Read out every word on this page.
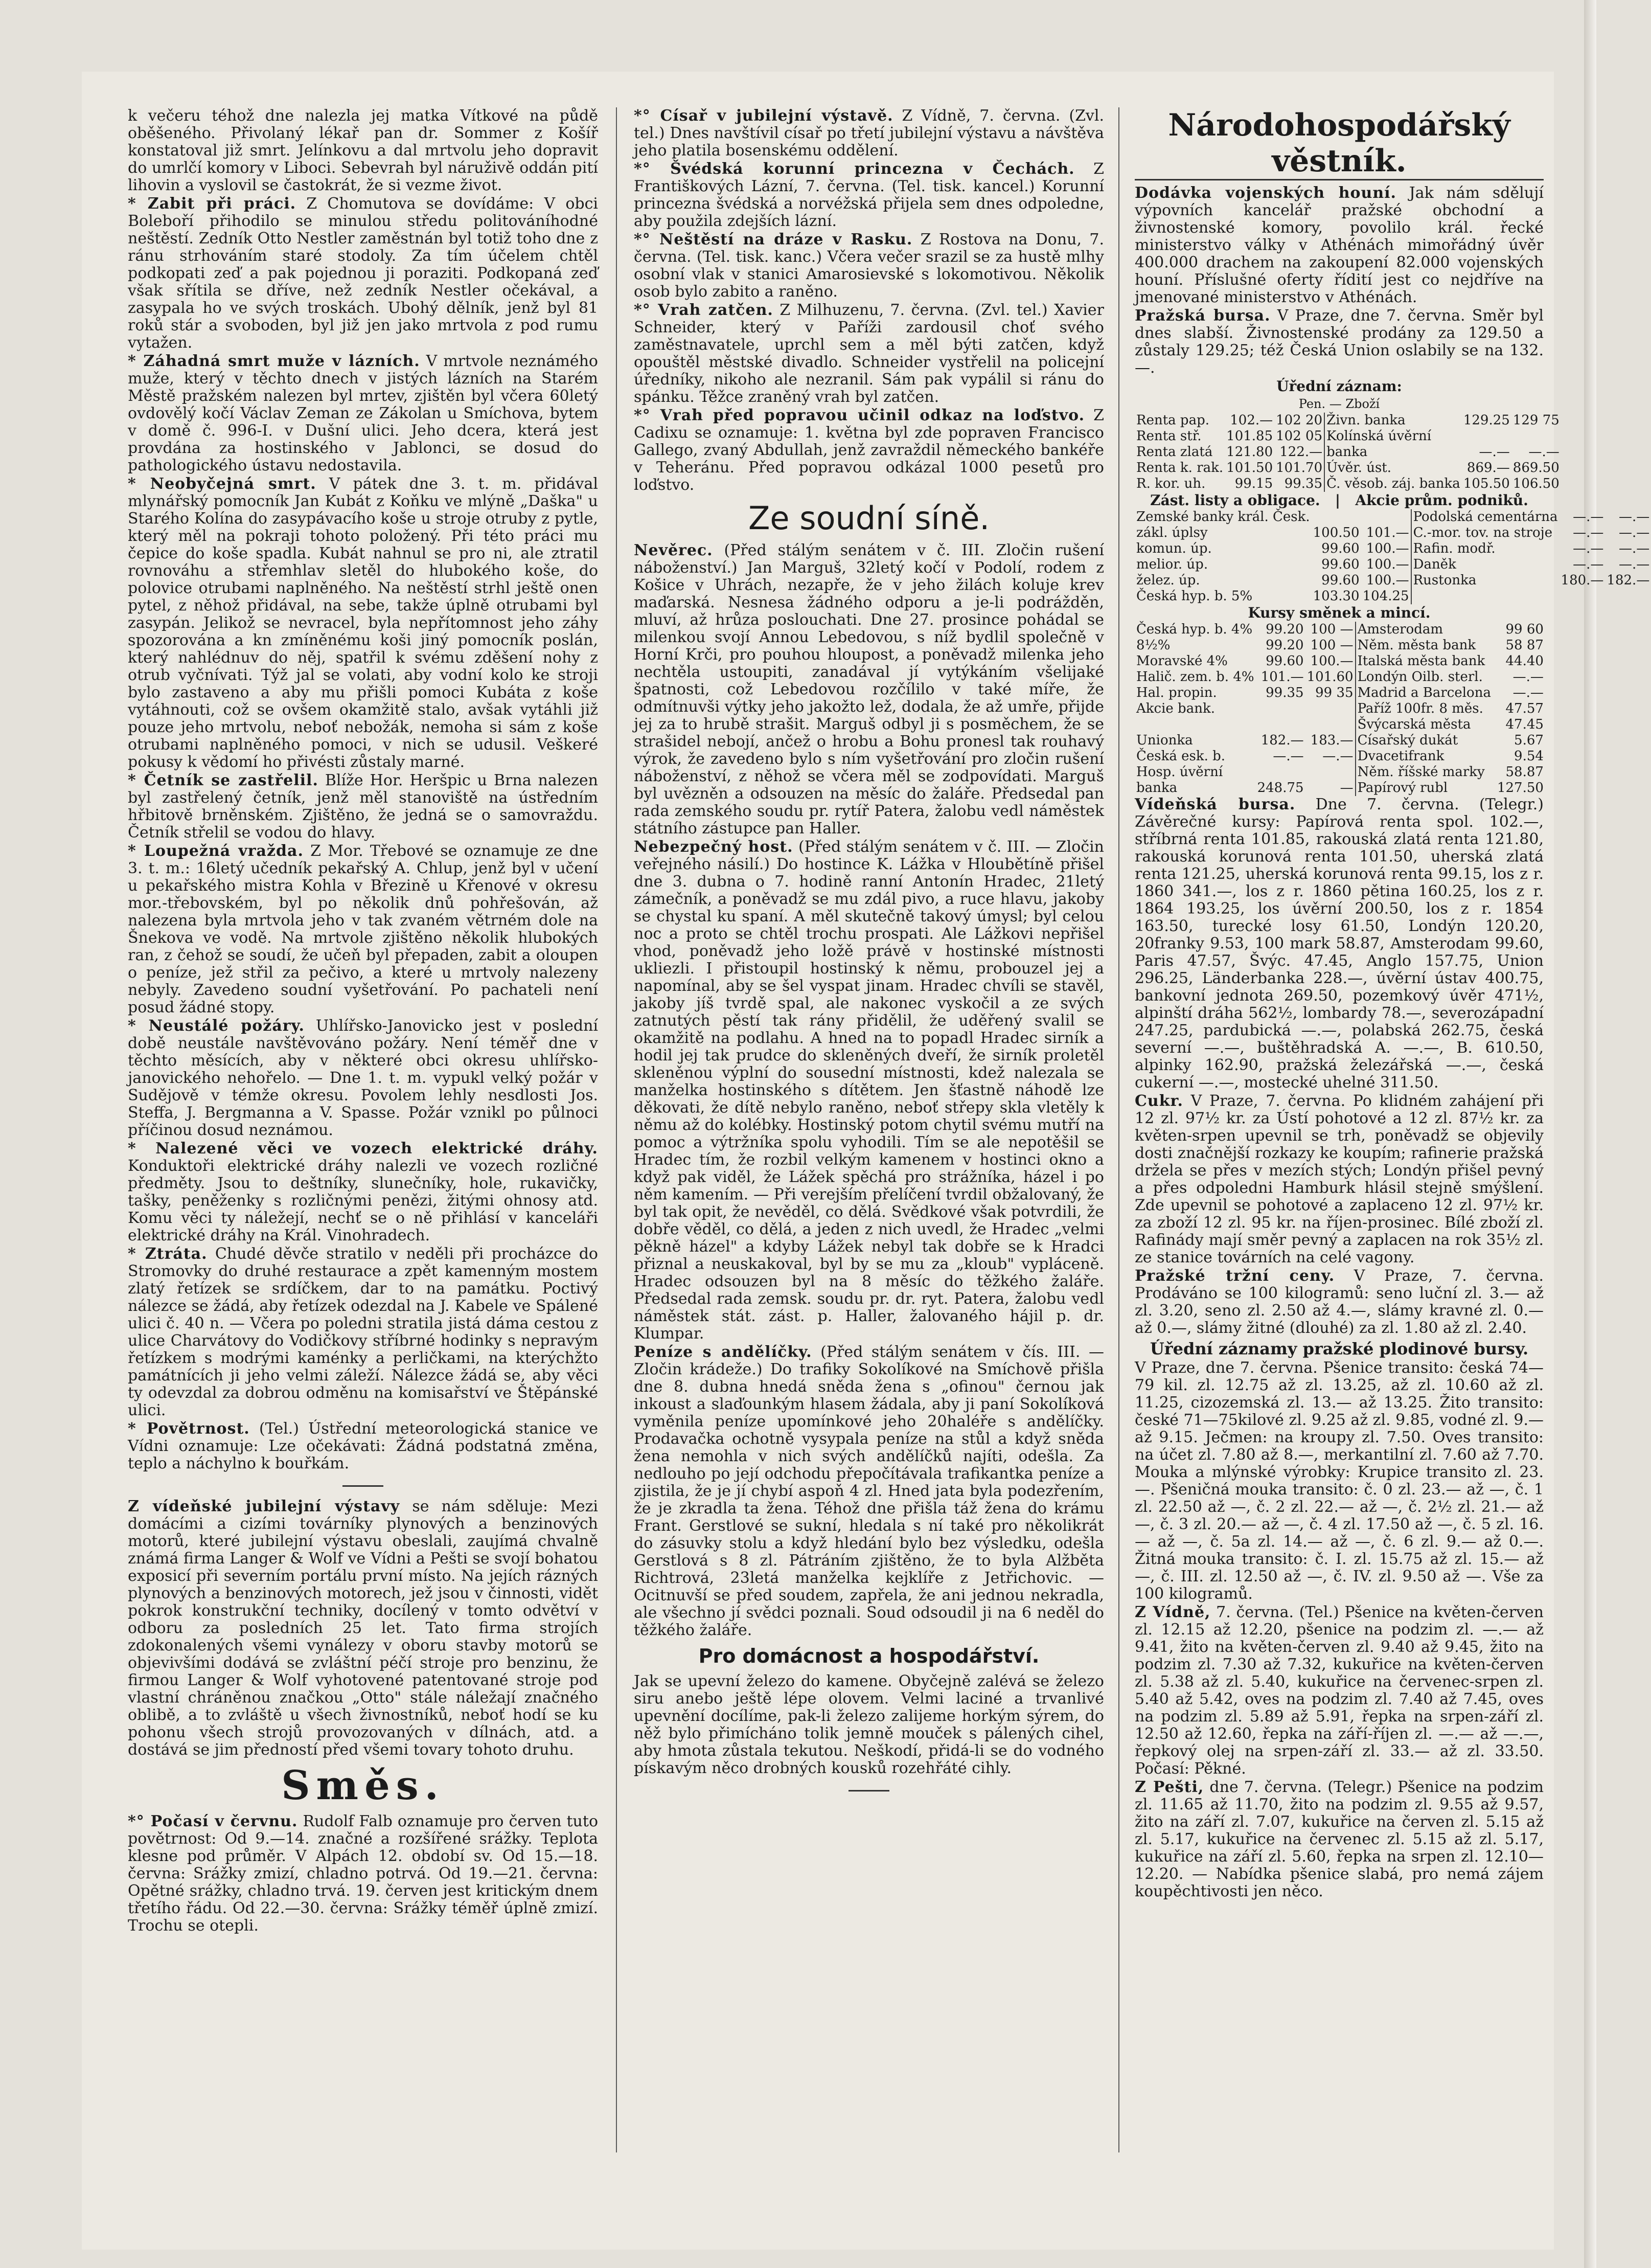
k večeru téhož dne nalezla jej matka Vítkové na půdě oběšeného. Přivolaný lékař pan dr. Sommer z Košíř konstatoval již smrt. Jelínkovu a dal mrtvolu jeho dopravit do umrlčí komory v Liboci. Sebevrah byl náruživě oddán pití lihovin a vyslovil se častokrát, že si vezme život.

* Zabit při práci. Z Chomutova se dovídáme: V obci Boleboří přihodilo se minulou středu politováníhodné neštěstí. Zedník Otto Nestler zaměstnán byl totiž toho dne z ránu strhováním staré stodoly. Za tím účelem chtěl podkopati zeď a pak pojednou ji poraziti. Podkopaná zeď však sřítila se dříve, než zedník Nestler očekával, a zasypala ho ve svých troskách. Ubohý dělník, jenž byl 81 roků stár a svoboden, byl již jen jako mrtvola z pod rumu vytažen.

* Záhadná smrt muže v lázních. V mrtvole neznámého muže, který v těchto dnech v jistých lázních na Starém Městě pražském nalezen byl mrtev, zjištěn byl včera 60letý ovdovělý kočí Václav Zeman ze Zákolan u Smíchova, bytem v domě č. 996-I. v Dušní ulici. Jeho dcera, která jest provdána za hostinského v Jablonci, se dosud do pathologického ústavu nedostavila.

* Neobyčejná smrt. V pátek dne 3. t. m. přidával mlynářský pomocník Jan Kubát z Koňku ve mlýně „Daška" u Starého Kolína do zasypávacího koše u stroje otruby z pytle, který měl na pokraji tohoto položený. Při této práci mu čepice do koše spadla. Kubát nahnul se pro ni, ale ztratil rovnováhu a střemhlav sletěl do hlubokého koše, do polovice otrubami naplněného. Na neštěstí strhl ještě onen pytel, z něhož přidával, na sebe, takže úplně otrubami byl zasypán. Jelikož se nevracel, byla nepřítomnost jeho záhy spozorována a kn zmíněnému koši jiný pomocník poslán, který nahlédnuv do něj, spatřil k svému zděšení nohy z otrub vyčnívati. Týž jal se volati, aby vodní kolo ke stroji bylo zastaveno a aby mu přišli pomoci Kubáta z koše vytáhnouti, což se ovšem okamžitě stalo, avšak vytáhli již pouze jeho mrtvolu, neboť nebožák, nemoha si sám z koše otrubami naplněného pomoci, v nich se udusil. Veškeré pokusy k vědomí ho přivésti zůstaly marné.

* Četník se zastřelil. Blíže Hor. Heršpic u Brna nalezen byl zastřelený četník, jenž měl stanoviště na ústředním hřbitově brněnském. Zjištěno, že jedná se o samovraždu. Četník střelil se vodou do hlavy.

* Loupežná vražda. Z Mor. Třebové se oznamuje ze dne 3. t. m.: 16letý učedník pekařský A. Chlup, jenž byl v učení u pekařského mistra Kohla v Březině u Křenové v okresu mor.-třebovském, byl po několik dnů pohřešován, až nalezena byla mrtvola jeho v tak zvaném větrném dole na Šnekova ve vodě. Na mrtvole zjištěno několik hlubokých ran, z čehož se soudí, že učeň byl přepaden, zabit a oloupen o peníze, jež střil za pečivo, a které u mrtvoly nalezeny nebyly. Zavedeno soudní vyšetřování. Po pachateli není posud žádné stopy.

* Neustálé požáry. Uhlířsko-Janovicko jest v poslední době neustále navštěvováno požáry. Není téměř dne v těchto měsících, aby v některé obci okresu uhlířsko-janovického nehořelo. — Dne 1. t. m. vypukl velký požár v Sudějově v témže okresu. Povolem lehly nesdlosti Jos. Steffa, J. Bergmanna a V. Spasse. Požár vznikl po půlnoci příčinou dosud neznámou.

* Nalezené věci ve vozech elektrické dráhy. Konduktoři elektrické dráhy nalezli ve vozech rozličné předměty. Jsou to deštníky, slunečníky, hole, rukavičky, tašky, peněženky s rozličnými penězi, žitými ohnosy atd. Komu věci ty náležejí, nechť se o ně přihlásí v kanceláři elektrické dráhy na Král. Vinohradech.

* Ztráta. Chudé děvče stratilo v neděli při procházce do Stromovky do druhé restaurace a zpět kamenným mostem zlatý řetízek se srdíčkem, dar to na památku. Poctivý nálezce se žádá, aby řetízek odezdal na J. Kabele ve Spálené ulici č. 40 n. — Včera po poledni stratila jistá dáma cestou z ulice Charvátovy do Vodičkovy stříbrné hodinky s nepravým řetízkem s modrými kaménky a perličkami, na kterýchžto památnících ji jeho velmi záleží. Nálezce žádá se, aby věci ty odevzdal za dobrou odměnu na komisařství ve Štěpánské ulici.

* Povětrnost. (Tel.) Ústřední meteorologická stanice ve Vídni oznamuje: Lze očekávati: Žádná podstatná změna, teplo a náchylno k bouřkám.

Z vídeňské jubilejní výstavy se nám sděluje: Mezi domácími a cizími továrníky plynových a benzinových motorů, které jubilejní výstavu obeslali, zaujímá chvalně známá firma Langer & Wolf ve Vídni a Pešti se svojí bohatou exposicí při severním portálu první místo. Na jejích rázných plynových a benzinových motorech, jež jsou v činnosti, vidět pokrok konstrukční techniky, docílený v tomto odvětví v odboru za posledních 25 let. Tato firma strojích zdokonalených všemi vynálezy v oboru stavby motorů se objevivšími dodává se zvláštní péčí stroje pro benzinu, že firmou Langer & Wolf vyhotovené patentované stroje pod vlastní chráněnou značkou „Otto" stále náležají značného oblibě, a to zvláště u všech živnostníků, neboť hodí se ku pohonu všech strojů provozovaných v dílnách, atd. a dostává se jim předností před všemi tovary tohoto druhu.

Směs.

*° Počasí v červnu. Rudolf Falb oznamuje pro červen tuto povětrnost: Od 9.—14. značné a rozšířené srážky. Teplota klesne pod průměr. V Alpách 12. období sv. Od 15.—18. června: Srážky zmizí, chladno potrvá. Od 19.—21. června: Opětné srážky, chladno trvá. 19. červen jest kritickým dnem třetího řádu. Od 22.—30. června: Srážky téměř úplně zmizí. Trochu se otepli.

*° Císař v jubilejní výstavě. Z Vídně, 7. června. (Zvl. tel.) Dnes navštívil císař po třetí jubilejní výstavu a návštěva jeho platila bosenskému oddělení.

*° Švédská korunní princezna v Čechách. Z Františkových Lázní, 7. června. (Tel. tisk. kancel.) Korunní princezna švédská a norvéžská přijela sem dnes odpoledne, aby použila zdejších lázní.

*° Neštěstí na dráze v Rasku. Z Rostova na Donu, 7. června. (Tel. tisk. kanc.) Včera večer srazil se za hustě mlhy osobní vlak v stanici Amarosievské s lokomotivou. Několik osob bylo zabito a raněno.

*° Vrah zatčen. Z Milhuzenu, 7. června. (Zvl. tel.) Xavier Schneider, který v Paříži zardousil choť svého zaměstnavatele, uprchl sem a měl býti zatčen, když opouštěl městské divadlo. Schneider vystřelil na policejní úředníky, nikoho ale nezranil. Sám pak vypálil si ránu do spánku. Těžce zraněný vrah byl zatčen.

*° Vrah před popravou učinil odkaz na loďstvo. Z Cadixu se oznamuje: 1. května byl zde popraven Francisco Gallego, zvaný Abdullah, jenž zavraždil německého bankéře v Teheránu. Před popravou odkázal 1000 pesetů pro loďstvo.

Ze soudní síně.

Nevěrec. (Před stálým senátem v č. III. Zločin rušení náboženství.) Jan Marguš, 32letý kočí v Podolí, rodem z Košice v Uhrách, nezapře, že v jeho žilách koluje krev maďarská. Nesnesa žádného odporu a je-li podrážděn, mluví, až hrůza poslouchati. Dne 27. prosince pohádal se milenkou svojí Annou Lebedovou, s níž bydlil společně v Horní Krči, pro pouhou hloupost, a poněvadž milenka jeho nechtěla ustoupiti, zanadával jí vytýkáním všelijaké špatnosti, což Lebedovou rozčílilo v také míře, že odmítnuvši výtky jeho jakožto lež, dodala, že až umře, přijde jej za to hrubě strašit. Marguš odbyl ji s posměchem, že se strašidel nebojí, ančež o hrobu a Bohu pronesl tak rouhavý výrok, že zavedeno bylo s ním vyšetřování pro zločin rušení náboženství, z něhož se včera měl se zodpovídati. Marguš byl uvězněn a odsouzen na měsíc do žaláře. Předsedal pan rada zemského soudu pr. rytíř Patera, žalobu vedl náměstek státního zástupce pan Haller.

Nebezpečný host. (Před stálým senátem v č. III. — Zločin veřejného násilí.) Do hostince K. Lážka v Hloubětíně přišel dne 3. dubna o 7. hodině ranní Antonín Hradec, 21letý zámečník, a poněvadž se mu zdál pivo, a ruce hlavu, jakoby se chystal ku spaní. A měl skutečně takový úmysl; byl celou noc a proto se chtěl trochu prospati. Ale Lážkovi nepřišel vhod, poněvadž jeho ložě právě v hostinské místnosti ukliezli. I přistoupil hostinský k němu, probouzel jej a napomínal, aby se šel vyspat jinam. Hradec chvíli se stavěl, jakoby jíš tvrdě spal, ale nakonec vyskočil a ze svých zatnutých pěstí tak rány přidělil, že uděřený svalil se okamžitě na podlahu. A hned na to popadl Hradec sirník a hodil jej tak prudce do skleněných dveří, že sirník proletěl skleněnou výplní do sousední místnosti, kdež nalezala se manželka hostinského s dítětem. Jen šťastně náhodě lze děkovati, že dítě nebylo raněno, neboť střepy skla vletěly k němu až do kolébky. Hostinský potom chytil svému mutří na pomoc a výtržníka spolu vyhodili. Tím se ale nepotěšil se Hradec tím, že rozbil velkým kamenem v hostinci okno a když pak viděl, že Lážek spěchá pro strážníka, házel i po něm kamením. — Při verejším přelíčení tvrdil obžalovaný, že byl tak opit, že nevěděl, co dělá. Svědkové však potvrdili, že dobře věděl, co dělá, a jeden z nich uvedl, že Hradec „velmi pěkně házel" a kdyby Lážek nebyl tak dobře se k Hradci přiznal a neuskakoval, byl by se mu za „kloub" vypláceně. Hradec odsouzen byl na 8 měsíc do těžkého žaláře. Předsedal rada zemsk. soudu pr. dr. ryt. Patera, žalobu vedl náměstek stát. zást. p. Haller, žalovaného hájil p. dr. Klumpar.

Peníze s andělíčky. (Před stálým senátem v čís. III. — Zločin krádeže.) Do trafiky Sokolíkové na Smíchově přišla dne 8. dubna hnedá sněda žena s „ofinou" černou jak inkoust a slaďounkým hlasem žádala, aby ji paní Sokolíková vyměnila peníze upomínkové jeho 20haléře s andělíčky. Prodavačka ochotně vysypala peníze na stůl a když sněda žena nemohla v nich svých andělíčků najíti, odešla. Za nedlouho po její odchodu přepočítávala trafikantka peníze a zjistila, že je jí chybí aspoň 4 zl. Hned jata byla podezřením, že je zkradla ta žena. Téhož dne přišla táž žena do krámu Frant. Gerstlové se sukní, hledala s ní také pro několikrát do zásuvky stolu a když hledání bylo bez výsledku, odešla Gerstlová s 8 zl. Pátráním zjištěno, že to byla Alžběta Richtrová, 23letá manželka kejklíře z Jetřichovic. — Ocitnuvší se před soudem, zapřela, že ani jednou nekradla, ale všechno jí svědci poznali. Soud odsoudil ji na 6 neděl do těžkého žaláře.

Pro domácnost a hospodářství.

Jak se upevní železo do kamene. Obyčejně zalévá se železo siru anebo ještě lépe olovem. Velmi laciné a trvanlivé upevnění docílíme, pak-li železo zalijeme horkým sýrem, do něž bylo přimícháno tolik jemně mouček s pálených cihel, aby hmota zůstala tekutou. Neškodí, přidá-li se do vodného pískavým něco drobných kousků rozehřáté cihly.

Národohospodářský věstník.

Dodávka vojenských houní. Jak nám sdělují výpovních kancelář pražské obchodní a živnostenské komory, povolilo král. řecké ministerstvo války v Athénách mimořádný úvěr 400.000 drachem na zakoupení 82.000 vojenských houní. Příslušné oferty řídití jest co nejdříve na jmenované ministerstvo v Athénách.

Pražská bursa. V Praze, dne 7. června. Směr byl dnes slabší. Živnostenské prodány za 129.50 a zůstaly 129.25; též Česká Union oslabily se na 132.—.

Úřední záznam:
Pen. — Zboží
Renta pap.	102.—	102 20	Živn. banka	129.25	129 75
Renta stř.	101.85	102 05	Kolínská úvěrní		
Renta zlatá	121.80	122.—	banka	—.—	—.—
Renta k. rak.	101.50	101.70	Úvěr. úst.	869.—	869.50
R. kor. uh.	99.15	99.35	Č. věsob. záj. banka	105.50	106.50
Zást. listy a obligace.   |   Akcie prům. podniků.
Zemské banky král. Česk.			Podolská cementárna	—.—	—.—
zákl. úplsy	100.50	101.—	C.-mor. tov. na stroje	—.—	—.—
komun. úp.	99.60	100.—	Rafin. modř.	—.—	—.—
melior. úp.	99.60	100.—	Daněk	—.—	—.—
želez. úp.	99.60	100.—	Rustonka	180.—	182.—
Česká hyp. b. 5%	103.30	104.25			
Kursy směnek a mincí.
Česká hyp. b. 4%	99.20	100 —	Amsterodam		99 60
8½%	99.20	100 —	Něm. města bank		58 87
Moravské 4%	99.60	100.—	Italská města bank		44.40
Halič. zem. b. 4%	101.—	101.60	Londýn Oilb. sterl.		—.—
Hal. propin.	99.35	99 35	Madrid a Barcelona		—.—
Akcie bank.			Paříž 100fr. 8 měs.		47.57
			Švýcarská města		47.45
Unionka	182.—	183.—	Císařský dukát		5.67
Česká esk. b.	—.—	—.—	Dvacetifrank		9.54
Hosp. úvěrní			Něm. říšské marky		58.87
banka	248.75	—	Papírový rubl		127.50

Vídeňská bursa. Dne 7. června. (Telegr.) Závěrečné kursy: Papírová renta spol. 102.—, stříbrná renta 101.85, rakouská zlatá renta 121.80, rakouská korunová renta 101.50, uherská zlatá renta 121.25, uherská korunová renta 99.15, los z r. 1860 341.—, los z r. 1860 pětina 160.25, los z r. 1864 193.25, los úvěrní 200.50, los z r. 1854 163.50, turecké losy 61.50, Londýn 120.20, 20franky 9.53, 100 mark 58.87, Amsterodam 99.60, Paris 47.57, Švýc. 47.45, Anglo 157.75, Union 296.25, Länderbanka 228.—, úvěrní ústav 400.75, bankovní jednota 269.50, pozemkový úvěr 471½, alpinští dráha 562½, lombardy 78.—, severozápadní 247.25, pardubická —.—, polabská 262.75, česká severní —.—, buštěhradská A. —.—, B. 610.50, alpinky 162.90, pražská železářská —.—, česká cukerní —.—, mostecké uhelné 311.50.

Cukr. V Praze, 7. června. Po klidném zahájení při 12 zl. 97½ kr. za Ústí pohotové a 12 zl. 87½ kr. za květen-srpen upevnil se trh, poněvadž se objevily dosti značnější rozkazy ke koupím; rafinerie pražská držela se přes v mezích stých; Londýn přišel pevný a přes odpoledni Hamburk hlásil stejně smýšlení. Zde upevnil se pohotové a zaplaceno 12 zl. 97½ kr. za zboží 12 zl. 95 kr. na říjen-prosinec. Bílé zboží zl. Rafinády mají směr pevný a zaplacen na rok 35½ zl. ze stanice továrních na celé vagony.

Pražské tržní ceny. V Praze, 7. června. Prodáváno se 100 kilogramů: seno luční zl. 3.— až zl. 3.20, seno zl. 2.50 až 4.—, slámy kravné zl. 0.— až 0.—, slámy žitné (dlouhé) za zl. 1.80 až zl. 2.40.

Úřední záznamy pražské plodinové bursy.

V Praze, dne 7. června. Pšenice transito: česká 74—79 kil. zl. 12.75 až zl. 13.25, až zl. 10.60 až zl. 11.25, cizozemská zl. 13.— až 13.25. Žito transito: české 71—75kilové zl. 9.25 až zl. 9.85, vodné zl. 9.— až 9.15. Ječmen: na kroupy zl. 7.50. Oves transito: na účet zl. 7.80 až 8.—, merkantilní zl. 7.60 až 7.70. Mouka a mlýnské výrobky: Krupice transito zl. 23.—. Pšeničná mouka transito: č. 0 zl. 23.— až —, č. 1 zl. 22.50 až —, č. 2 zl. 22.— až —, č. 2½ zl. 21.— až —, č. 3 zl. 20.— až —, č. 4 zl. 17.50 až —, č. 5 zl. 16.— až —, č. 5a zl. 14.— až —, č. 6 zl. 9.— až 0.—. Žitná mouka transito: č. I. zl. 15.75 až zl. 15.— až —, č. III. zl. 12.50 až —, č. IV. zl. 9.50 až —. Vše za 100 kilogramů.

Z Vídně, 7. června. (Tel.) Pšenice na květen-červen zl. 12.15 až 12.20, pšenice na podzim zl. —.— až 9.41, žito na květen-červen zl. 9.40 až 9.45, žito na podzim zl. 7.30 až 7.32, kukuřice na květen-červen zl. 5.38 až zl. 5.40, kukuřice na červenec-srpen zl. 5.40 až 5.42, oves na podzim zl. 7.40 až 7.45, oves na podzim zl. 5.89 až 5.91, řepka na srpen-září zl. 12.50 až 12.60, řepka na září-říjen zl. —.— až —.—, řepkový olej na srpen-září zl. 33.— až zl. 33.50. Počasí: Pěkné.

Z Pešti, dne 7. června. (Telegr.) Pšenice na podzim zl. 11.65 až 11.70, žito na podzim zl. 9.55 až 9.57, žito na září zl. 7.07, kukuřice na červen zl. 5.15 až zl. 5.17, kukuřice na červenec zl. 5.15 až zl. 5.17, kukuřice na září zl. 5.60, řepka na srpen zl. 12.10—12.20. — Nabídka pšenice slabá, pro nemá zájem koupěchtivosti jen něco.
